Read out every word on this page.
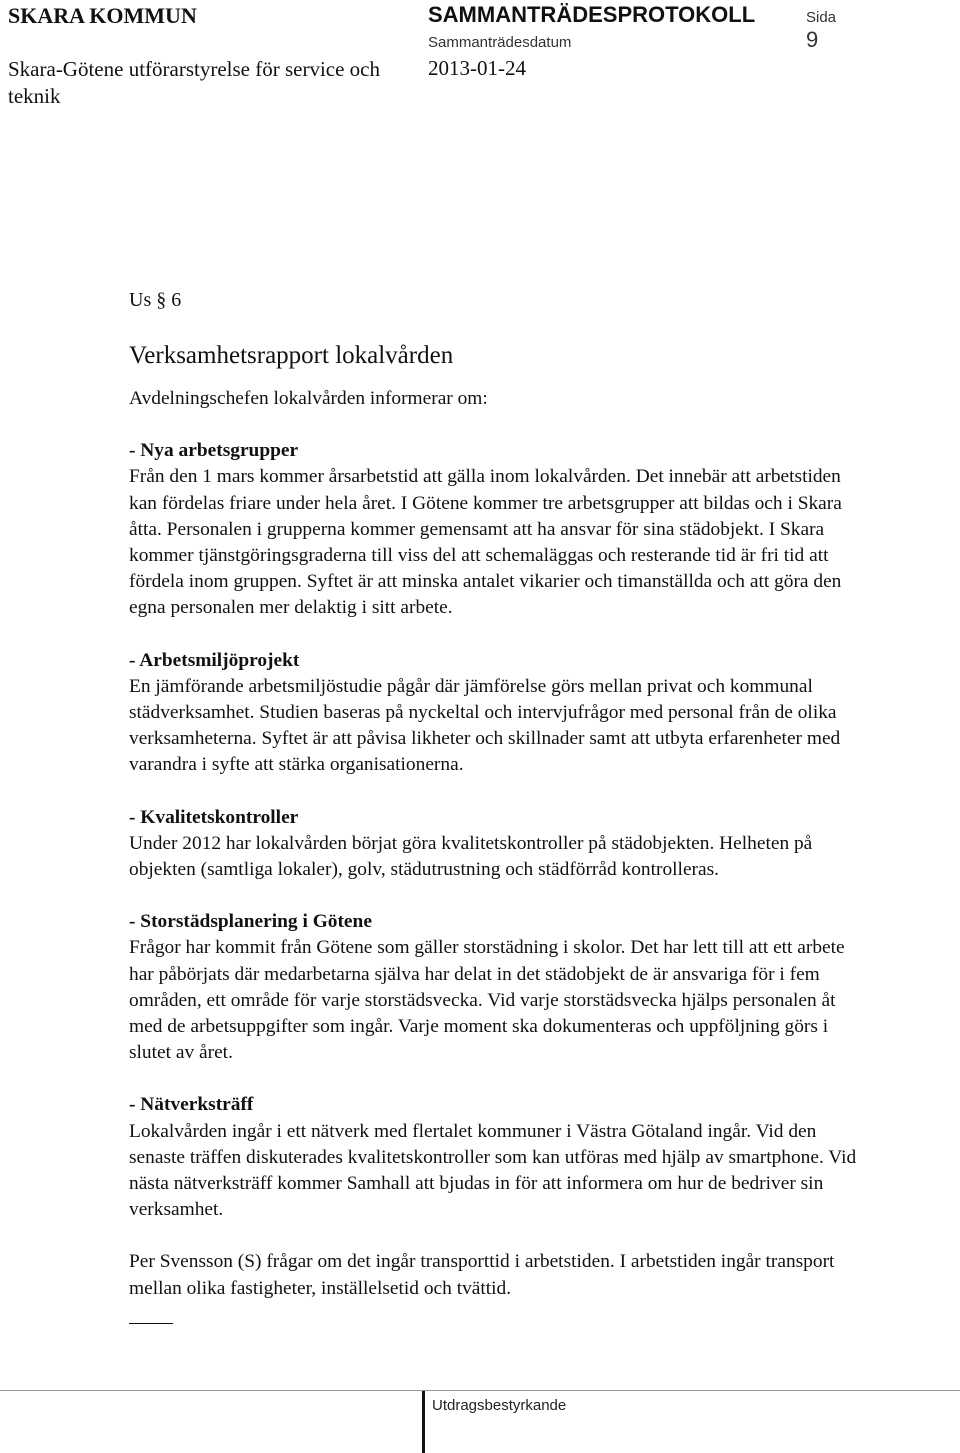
SKARA KOMMUN	SAMMANTRÄDESPROTOKOLL	Sida
Sammanträdesdatum	9
Skara-Götene utförarstyrelse för service och teknik
2013-01-24

Us § 6

Verksamhetsrapport lokalvården

Avdelningschefen lokalvården informerar om:

- Nya arbetsgrupper

Från den 1 mars kommer årsarbetstid att gälla inom lokalvården. Det innebär att arbetstiden kan fördelas friare under hela året. I Götene kommer tre arbetsgrupper att bildas och i Skara åtta. Personalen i grupperna kommer gemensamt att ha ansvar för sina städobjekt. I Skara kommer tjänstgöringsgraderna till viss del att schemaläggas och resterande tid är fri tid att fördela inom gruppen. Syftet är att minska antalet vikarier och timanställda och att göra den egna personalen mer delaktig i sitt arbete.

- Arbetsmiljöprojekt

En jämförande arbetsmiljöstudie pågår där jämförelse görs mellan privat och kommunal städverksamhet. Studien baseras på nyckeltal och intervjufrågor med personal från de olika verksamheterna. Syftet är att påvisa likheter och skillnader samt att utbyta erfarenheter med varandra i syfte att stärka organisationerna.

- Kvalitetskontroller

Under 2012 har lokalvården börjat göra kvalitetskontroller på städobjekten. Helheten på objekten (samtliga lokaler), golv, städutrustning och städförråd kontrolleras.

- Storstädsplanering i Götene

Frågor har kommit från Götene som gäller storstädning i skolor. Det har lett till att ett arbete har påbörjats där medarbetarna själva har delat in det städobjekt de är ansvariga för i fem områden, ett område för varje storstädsvecka. Vid varje storstädsvecka hjälps personalen åt med de arbetsuppgifter som ingår. Varje moment ska dokumenteras och uppföljning görs i slutet av året.

- Nätverksträff

Lokalvården ingår i ett nätverk med flertalet kommuner i Västra Götaland ingår. Vid den senaste träffen diskuterades kvalitetskontroller som kan utföras med hjälp av smartphone. Vid nästa nätverksträff kommer Samhall att bjudas in för att informera om hur de bedriver sin verksamhet.

Per Svensson (S) frågar om det ingår transporttid i arbetstiden. I arbetstiden ingår transport mellan olika fastigheter, inställelsetid och tvättid.

Utdragsbestyrkande
